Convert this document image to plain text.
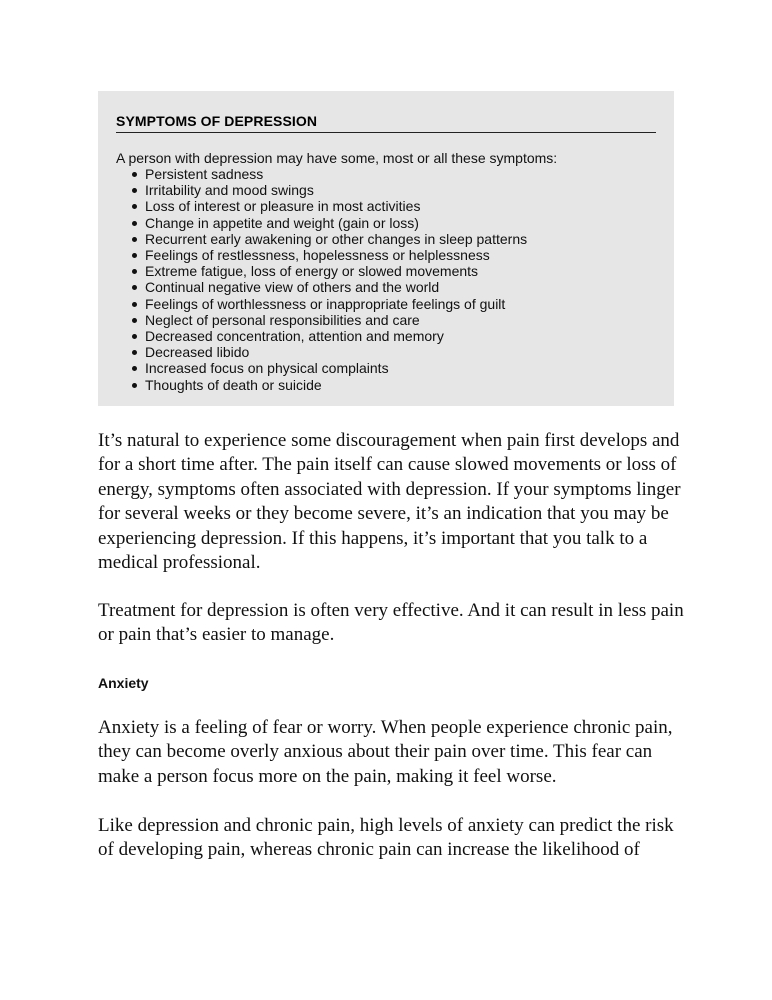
SYMPTOMS OF DEPRESSION

A person with depression may have some, most or all these symptoms:

Persistent sadness
Irritability and mood swings
Loss of interest or pleasure in most activities
Change in appetite and weight (gain or loss)
Recurrent early awakening or other changes in sleep patterns
Feelings of restlessness, hopelessness or helplessness
Extreme fatigue, loss of energy or slowed movements
Continual negative view of others and the world
Feelings of worthlessness or inappropriate feelings of guilt
Neglect of personal responsibilities and care
Decreased concentration, attention and memory
Decreased libido
Increased focus on physical complaints
Thoughts of death or suicide

It’s natural to experience some discouragement when pain first develops and for a short time after. The pain itself can cause slowed movements or loss of energy, symptoms often associated with depression. If your symptoms linger for several weeks or they become severe, it’s an indication that you may be experiencing depression. If this happens, it’s important that you talk to a medical professional.

Treatment for depression is often very effective. And it can result in less pain or pain that’s easier to manage.

Anxiety

Anxiety is a feeling of fear or worry. When people experience chronic pain, they can become overly anxious about their pain over time. This fear can make a person focus more on the pain, making it feel worse.

Like depression and chronic pain, high levels of anxiety can predict the risk of developing pain, whereas chronic pain can increase the likelihood of
